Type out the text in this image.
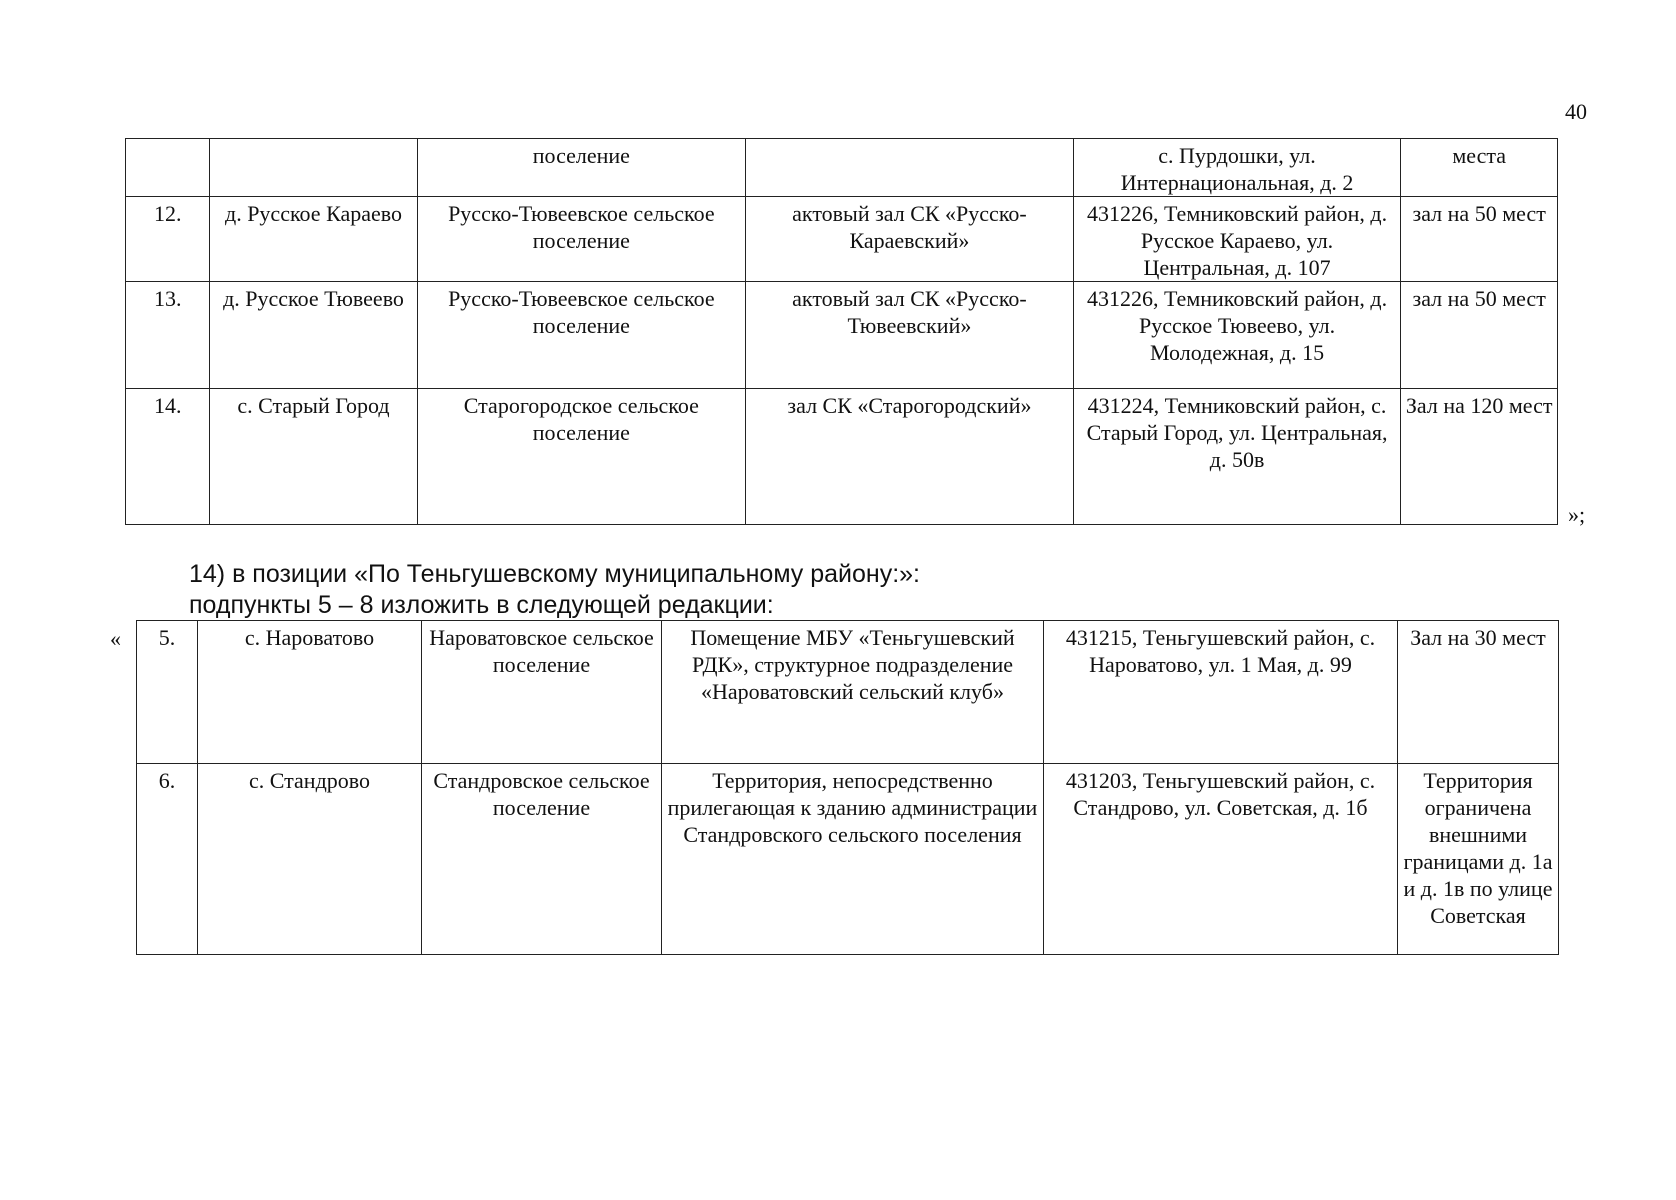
40
		поселение		с. Пурдошки, ул. Интернациональная, д. 2	места
12.	д. Русское Караево	Русско-Тювеевское сельское поселение	актовый зал СК «Русско-Караевский»	431226, Темниковский район, д. Русское Караево, ул. Центральная, д. 107	зал на 50 мест
13.	д. Русское Тювеево	Русско-Тювеевское сельское поселение	актовый зал СК «Русско-Тювеевский»	431226, Темниковский район, д. Русское Тювеево, ул. Молодежная, д. 15	зал на 50 мест
14.	с. Старый Город	Старогородское сельское поселение	зал СК «Старогородский»	431224, Темниковский район, с. Старый Город, ул. Центральная, д. 50в	Зал на 120 мест
»;
14) в позиции «По Теньгушевскому муниципальному району:»:
подпункты 5 – 8 изложить в следующей редакции:
« 5.	с. Нароватово	Нароватовское сельское поселение	Помещение МБУ «Теньгушевский РДК», структурное подразделение «Нароватовский сельский клуб»	431215, Теньгушевский район, с. Нароватово, ул. 1 Мая, д. 99	Зал на 30 мест
6.	с. Стандрово	Стандровское сельское поселение	Территория, непосредственно прилегающая к зданию администрации Стандровского сельского поселения	431203, Теньгушевский район, с. Стандрово, ул. Советская, д. 1б	Территория ограничена внешними границами д. 1а и д. 1в по улице Советская
